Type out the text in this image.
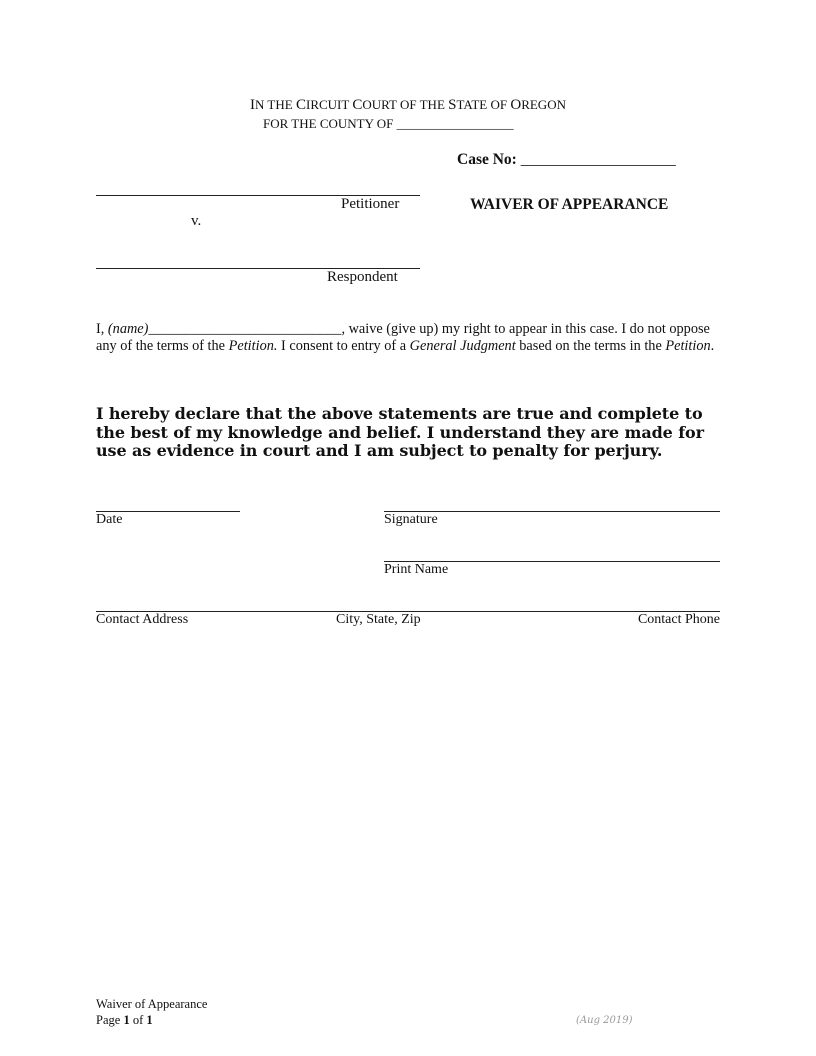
IN THE CIRCUIT COURT OF THE STATE OF OREGON
FOR THE COUNTY OF __________________
Case No: ____________________
Petitioner	WAIVER OF APPEARANCE
v.
Respondent
I, (name)___________________________, waive (give up) my right to appear in this case. I do not oppose any of the terms of the Petition. I consent to entry of a General Judgment based on the terms in the Petition.
I hereby declare that the above statements are true and complete to the best of my knowledge and belief. I understand they are made for use as evidence in court and I am subject to penalty for perjury.
Date	Signature
Print Name
Contact Address	City, State, Zip	Contact Phone
Waiver of Appearance
Page 1 of 1	(Aug 2019)
